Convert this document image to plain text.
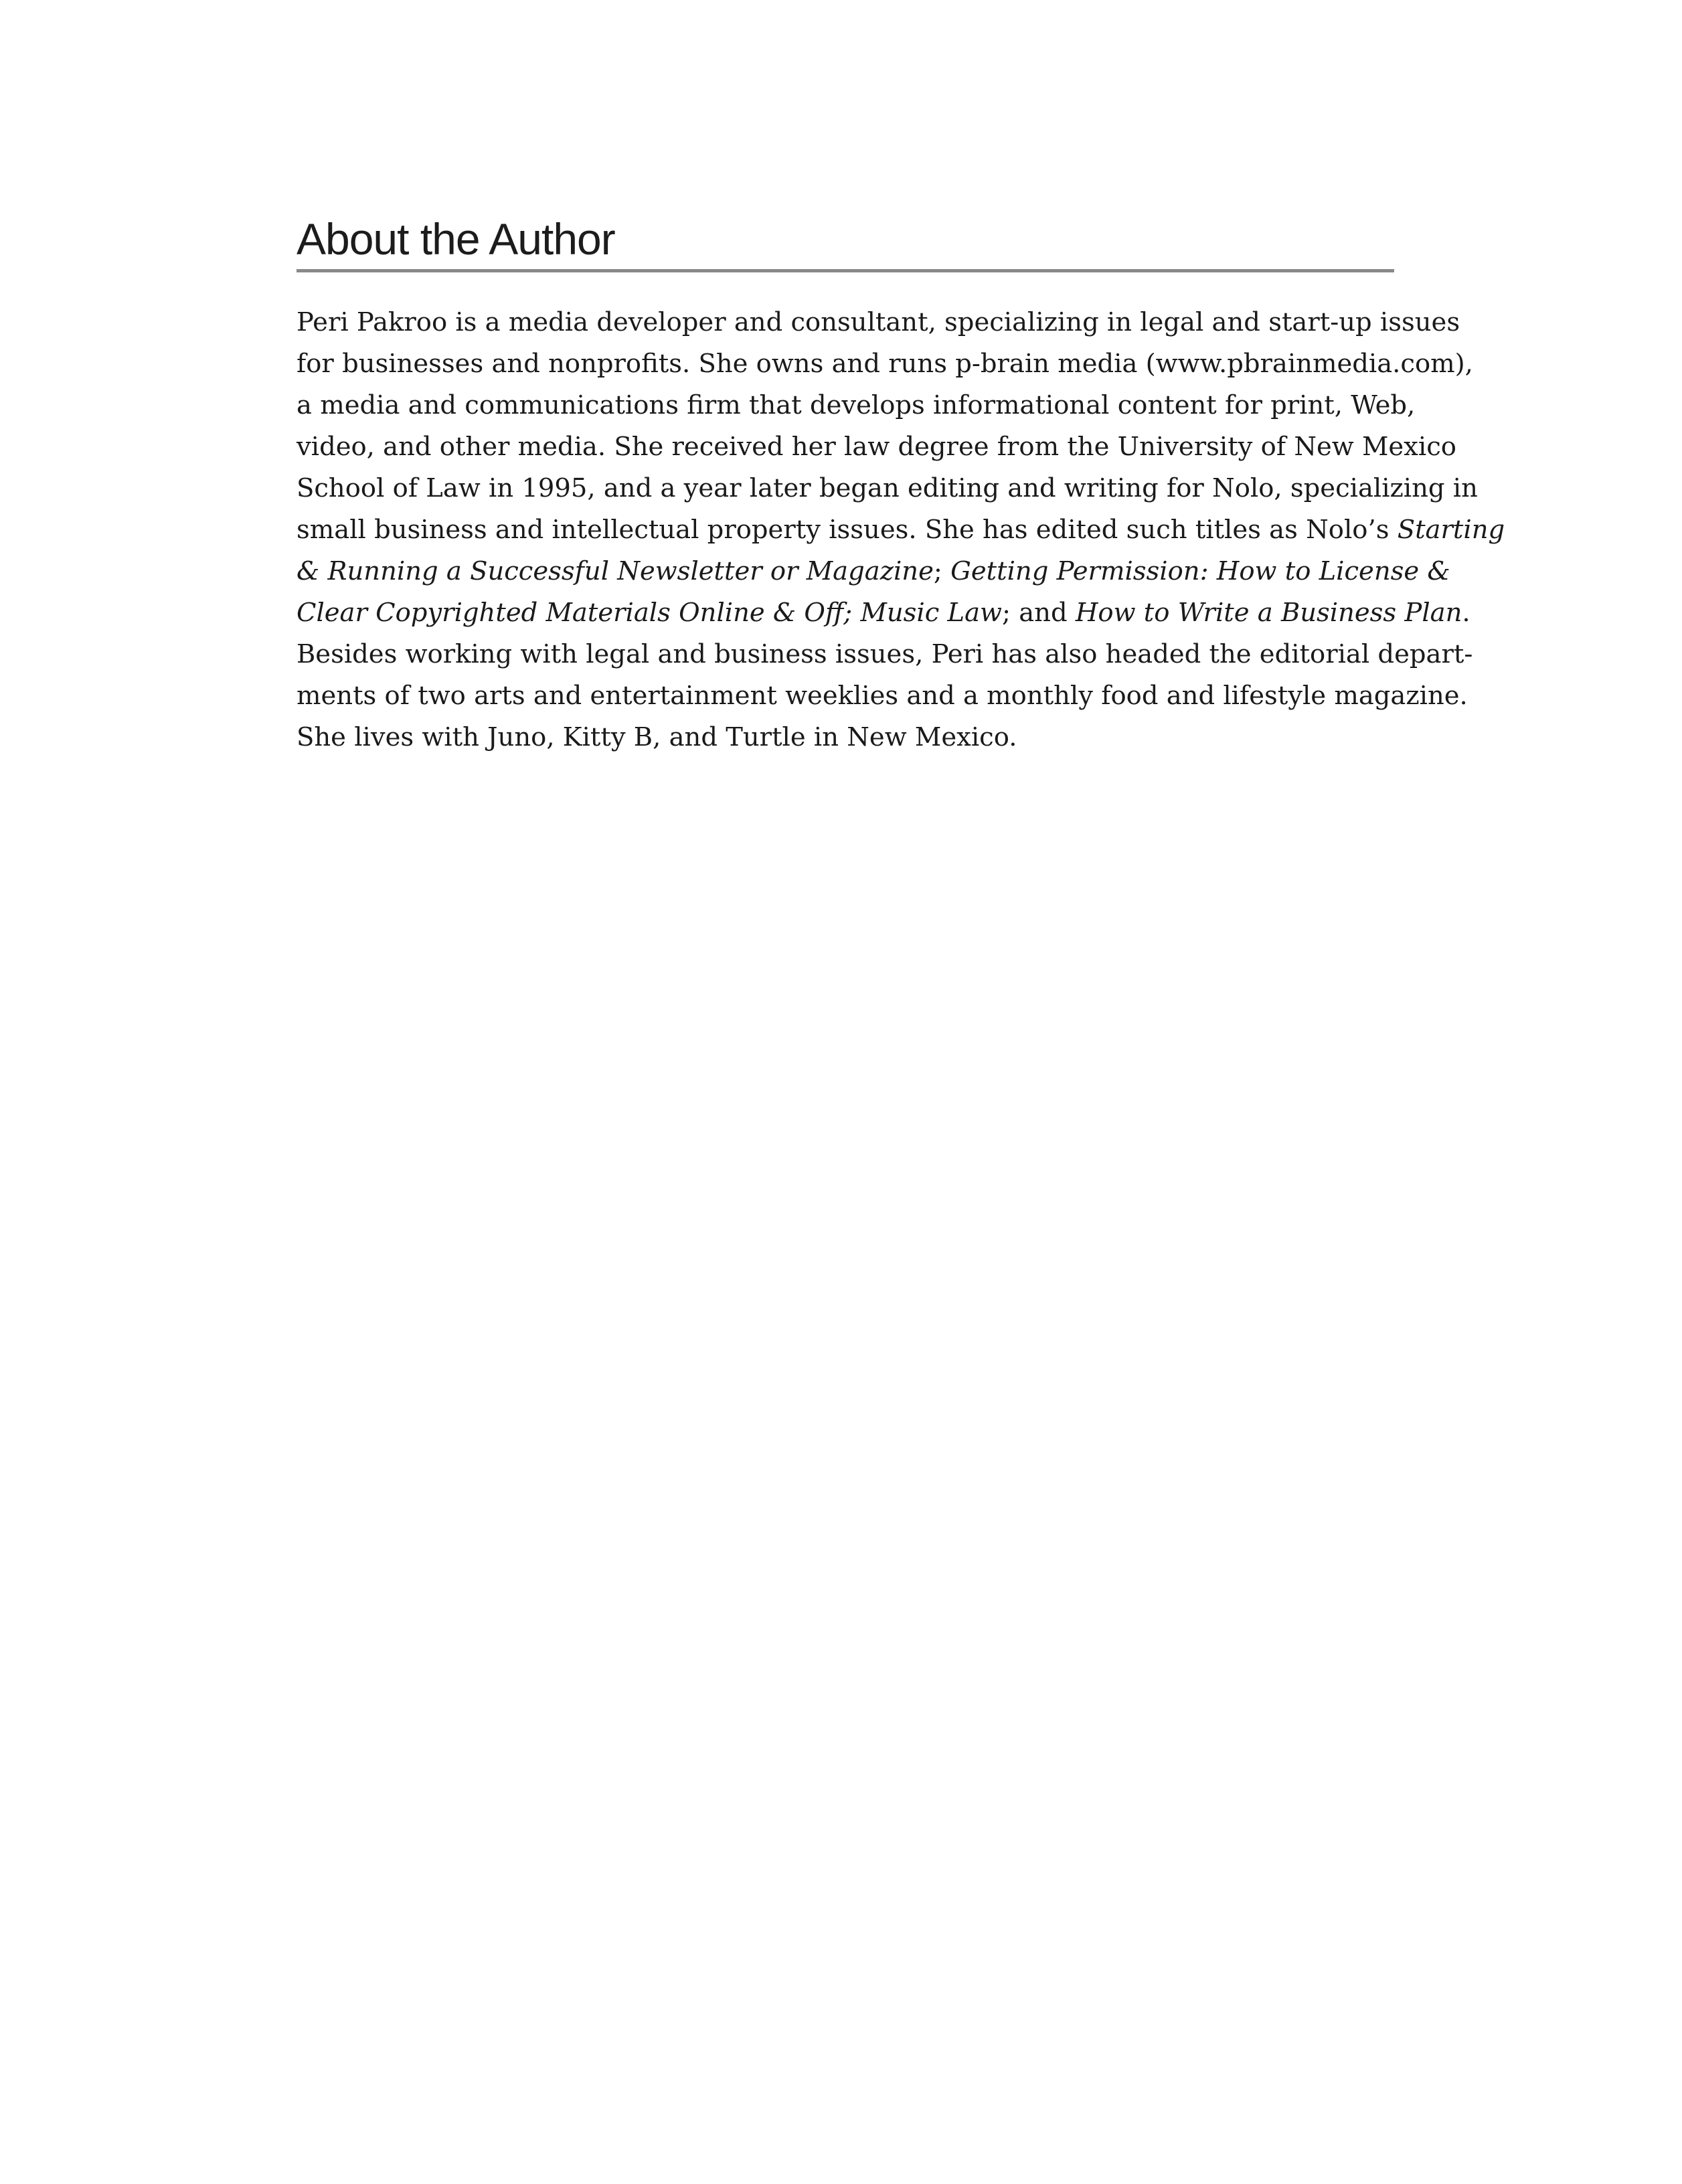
About the Author
Peri Pakroo is a media developer and consultant, specializing in legal and start-up issues
for businesses and nonprofits. She owns and runs p-brain media (www.pbrainmedia.com),
a media and communications firm that develops informational content for print, Web,
video, and other media. She received her law degree from the University of New Mexico
School of Law in 1995, and a year later began editing and writing for Nolo, specializing in
small business and intellectual property issues. She has edited such titles as Nolo’s Starting
& Running a Successful Newsletter or Magazine; Getting Permission: How to License &
Clear Copyrighted Materials Online & Off; Music Law; and How to Write a Business Plan.
Besides working with legal and business issues, Peri has also headed the editorial depart-
ments of two arts and entertainment weeklies and a monthly food and lifestyle magazine.
She lives with Juno, Kitty B, and Turtle in New Mexico.
